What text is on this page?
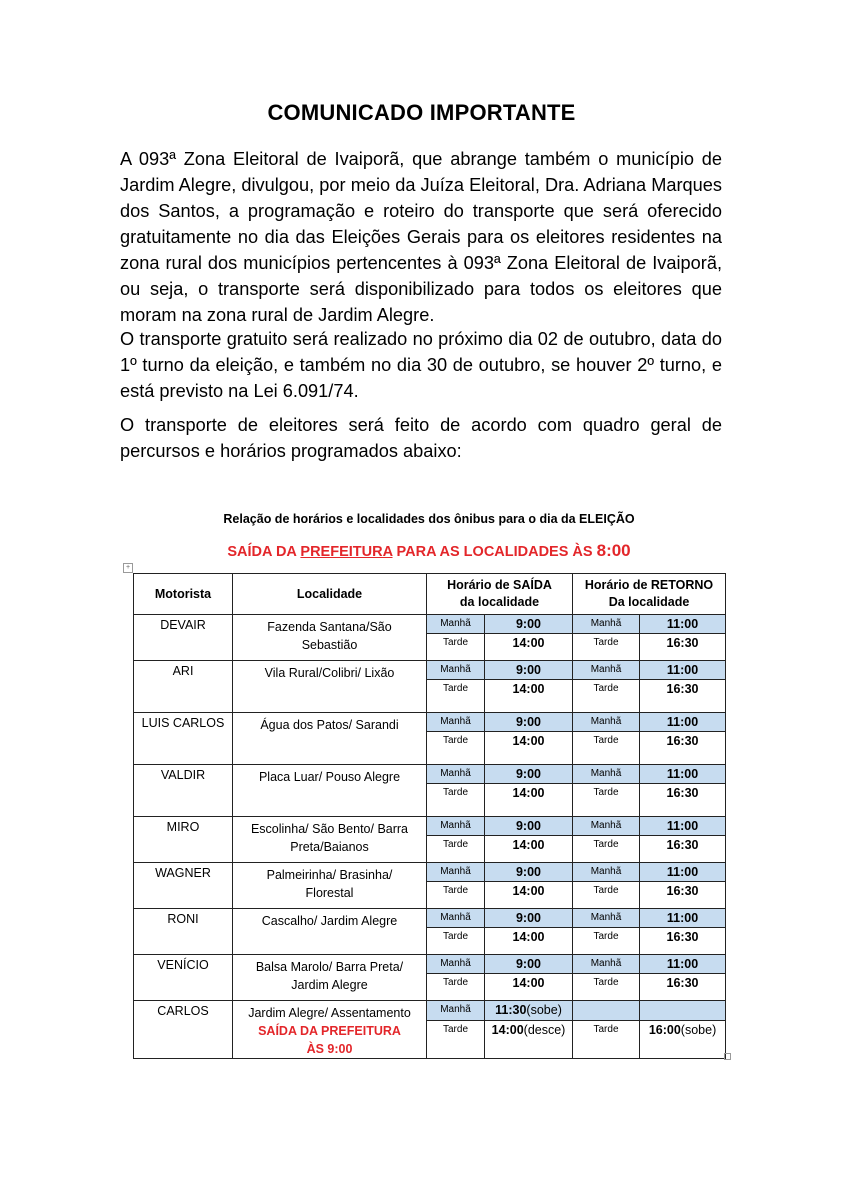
COMUNICADO IMPORTANTE
A 093ª Zona Eleitoral de Ivaiporã, que abrange também o município de Jardim Alegre, divulgou, por meio da Juíza Eleitoral, Dra. Adriana Marques dos Santos, a programação e roteiro do transporte que será oferecido gratuitamente no dia das Eleições Gerais para os eleitores residentes na zona rural dos municípios pertencentes à 093ª Zona Eleitoral de Ivaiporã, ou seja, o transporte será disponibilizado para todos os eleitores que moram na zona rural de Jardim Alegre.
O transporte gratuito será realizado no próximo dia 02 de outubro, data do 1º turno da eleição, e também no dia 30 de outubro, se houver 2º turno, e está previsto na Lei 6.091/74.
O transporte de eleitores será feito de acordo com quadro geral de percursos e horários programados abaixo:
Relação de horários e localidades dos ônibus para o dia da ELEIÇÃO
SAÍDA DA PREFEITURA PARA AS LOCALIDADES ÀS 8:00
+
Motorista	Localidade	Horário de SAÍDA
da localidade		Horário de RETORNO
Da localidade	
DEVAIR	Fazenda Santana/São
Sebastião	Manhã	9:00	Manhã	11:00
		Tarde	14:00	Tarde	16:30
ARI	Vila Rural/Colibri/ Lixão	Manhã	9:00	Manhã	11:00
		Tarde	14:00	Tarde	16:30
LUIS CARLOS	Água dos Patos/ Sarandi	Manhã	9:00	Manhã	11:00
		Tarde	14:00	Tarde	16:30
VALDIR	Placa Luar/ Pouso Alegre	Manhã	9:00	Manhã	11:00
		Tarde	14:00	Tarde	16:30
MIRO	Escolinha/ São Bento/ Barra
Preta/Baianos	Manhã	9:00	Manhã	11:00
		Tarde	14:00	Tarde	16:30
WAGNER	Palmeirinha/ Brasinha/
Florestal	Manhã	9:00	Manhã	11:00
		Tarde	14:00	Tarde	16:30
RONI	Cascalho/ Jardim Alegre	Manhã	9:00	Manhã	11:00
		Tarde	14:00	Tarde	16:30
VENÍCIO	Balsa Marolo/ Barra Preta/
Jardim Alegre	Manhã	9:00	Manhã	11:00
		Tarde	14:00	Tarde	16:30
CARLOS	Jardim Alegre/ Assentamento
SAÍDA DA PREFEITURA
ÀS 9:00	Manhã	11:30(sobe)		
		Tarde	14:00(desce)	Tarde	16:00(sobe)
